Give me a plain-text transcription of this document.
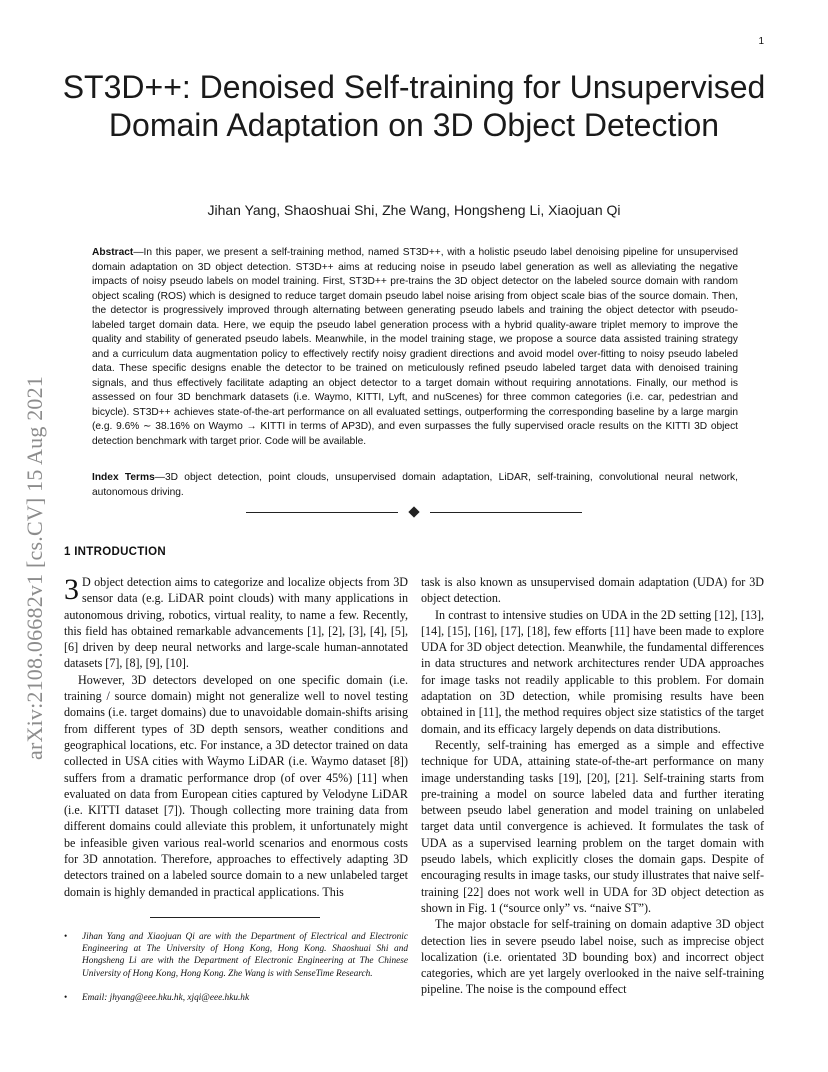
1
arXiv:2108.06682v1 [cs.CV] 15 Aug 2021
ST3D++: Denoised Self-training for Unsupervised Domain Adaptation on 3D Object Detection
Jihan Yang, Shaoshuai Shi, Zhe Wang, Hongsheng Li, Xiaojuan Qi

Abstract—In this paper, we present a self-training method, named ST3D++, with a holistic pseudo label denoising pipeline for unsupervised domain adaptation on 3D object detection. ST3D++ aims at reducing noise in pseudo label generation as well as alleviating the negative impacts of noisy pseudo labels on model training. First, ST3D++ pre-trains the 3D object detector on the labeled source domain with random object scaling (ROS) which is designed to reduce target domain pseudo label noise arising from object scale bias of the source domain. Then, the detector is progressively improved through alternating between generating pseudo labels and training the object detector with pseudo-labeled target domain data. Here, we equip the pseudo label generation process with a hybrid quality-aware triplet memory to improve the quality and stability of generated pseudo labels. Meanwhile, in the model training stage, we propose a source data assisted training strategy and a curriculum data augmentation policy to effectively rectify noisy gradient directions and avoid model over-fitting to noisy pseudo labeled data. These specific designs enable the detector to be trained on meticulously refined pseudo labeled target data with denoised training signals, and thus effectively facilitate adapting an object detector to a target domain without requiring annotations. Finally, our method is assessed on four 3D benchmark datasets (i.e. Waymo, KITTI, Lyft, and nuScenes) for three common categories (i.e. car, pedestrian and bicycle). ST3D++ achieves state-of-the-art performance on all evaluated settings, outperforming the corresponding baseline by a large margin (e.g. 9.6% ∼ 38.16% on Waymo → KITTI in terms of AP3D), and even surpasses the fully supervised oracle results on the KITTI 3D object detection benchmark with target prior. Code will be available.

Index Terms—3D object detection, point clouds, unsupervised domain adaptation, LiDAR, self-training, convolutional neural network, autonomous driving.

1 INTRODUCTION

3 D object detection aims to categorize and localize objects from 3D sensor data (e.g. LiDAR point clouds) with many applications in autonomous driving, robotics, virtual reality, to name a few. Recently, this field has obtained remarkable advancements [1], [2], [3], [4], [5], [6] driven by deep neural networks and large-scale human-annotated datasets [7], [8], [9], [10].

However, 3D detectors developed on one specific domain (i.e. training / source domain) might not generalize well to novel testing domains (i.e. target domains) due to unavoidable domain-shifts arising from different types of 3D depth sensors, weather conditions and geographical locations, etc. For instance, a 3D detector trained on data collected in USA cities with Waymo LiDAR (i.e. Waymo dataset [8]) suffers from a dramatic performance drop (of over 45%) [11] when evaluated on data from European cities captured by Velodyne LiDAR (i.e. KITTI dataset [7]). Though collecting more training data from different domains could alleviate this problem, it unfortunately might be infeasible given various real-world scenarios and enormous costs for 3D annotation. Therefore, approaches to effectively adapting 3D detectors trained on a labeled source domain to a new unlabeled target domain is highly demanded in practical applications. This

task is also known as unsupervised domain adaptation (UDA) for 3D object detection.

In contrast to intensive studies on UDA in the 2D setting [12], [13], [14], [15], [16], [17], [18], few efforts [11] have been made to explore UDA for 3D object detection. Meanwhile, the fundamental differences in data structures and network architectures render UDA approaches for image tasks not readily applicable to this problem. For domain adaptation on 3D detection, while promising results have been obtained in [11], the method requires object size statistics of the target domain, and its efficacy largely depends on data distributions.

Recently, self-training has emerged as a simple and effective technique for UDA, attaining state-of-the-art performance on many image understanding tasks [19], [20], [21]. Self-training starts from pre-training a model on source labeled data and further iterating between pseudo label generation and model training on unlabeled target data until convergence is achieved. It formulates the task of UDA as a supervised learning problem on the target domain with pseudo labels, which explicitly closes the domain gaps. Despite of encouraging results in image tasks, our study illustrates that naive self-training [22] does not work well in UDA for 3D object detection as shown in Fig. 1 (“source only” vs. “naive ST”).

The major obstacle for self-training on domain adaptive 3D object detection lies in severe pseudo label noise, such as imprecise object localization (i.e. orientated 3D bounding box) and incorrect object categories, which are yet largely overlooked in the naive self-training pipeline. The noise is the compound effect

• Jihan Yang and Xiaojuan Qi are with the Department of Electrical and Electronic Engineering at The University of Hong Kong, Hong Kong. Shaoshuai Shi and Hongsheng Li are with the Department of Electronic Engineering at The Chinese University of Hong Kong, Hong Kong. Zhe Wang is with SenseTime Research.
• Email: jhyang@eee.hku.hk, xjqi@eee.hku.hk
